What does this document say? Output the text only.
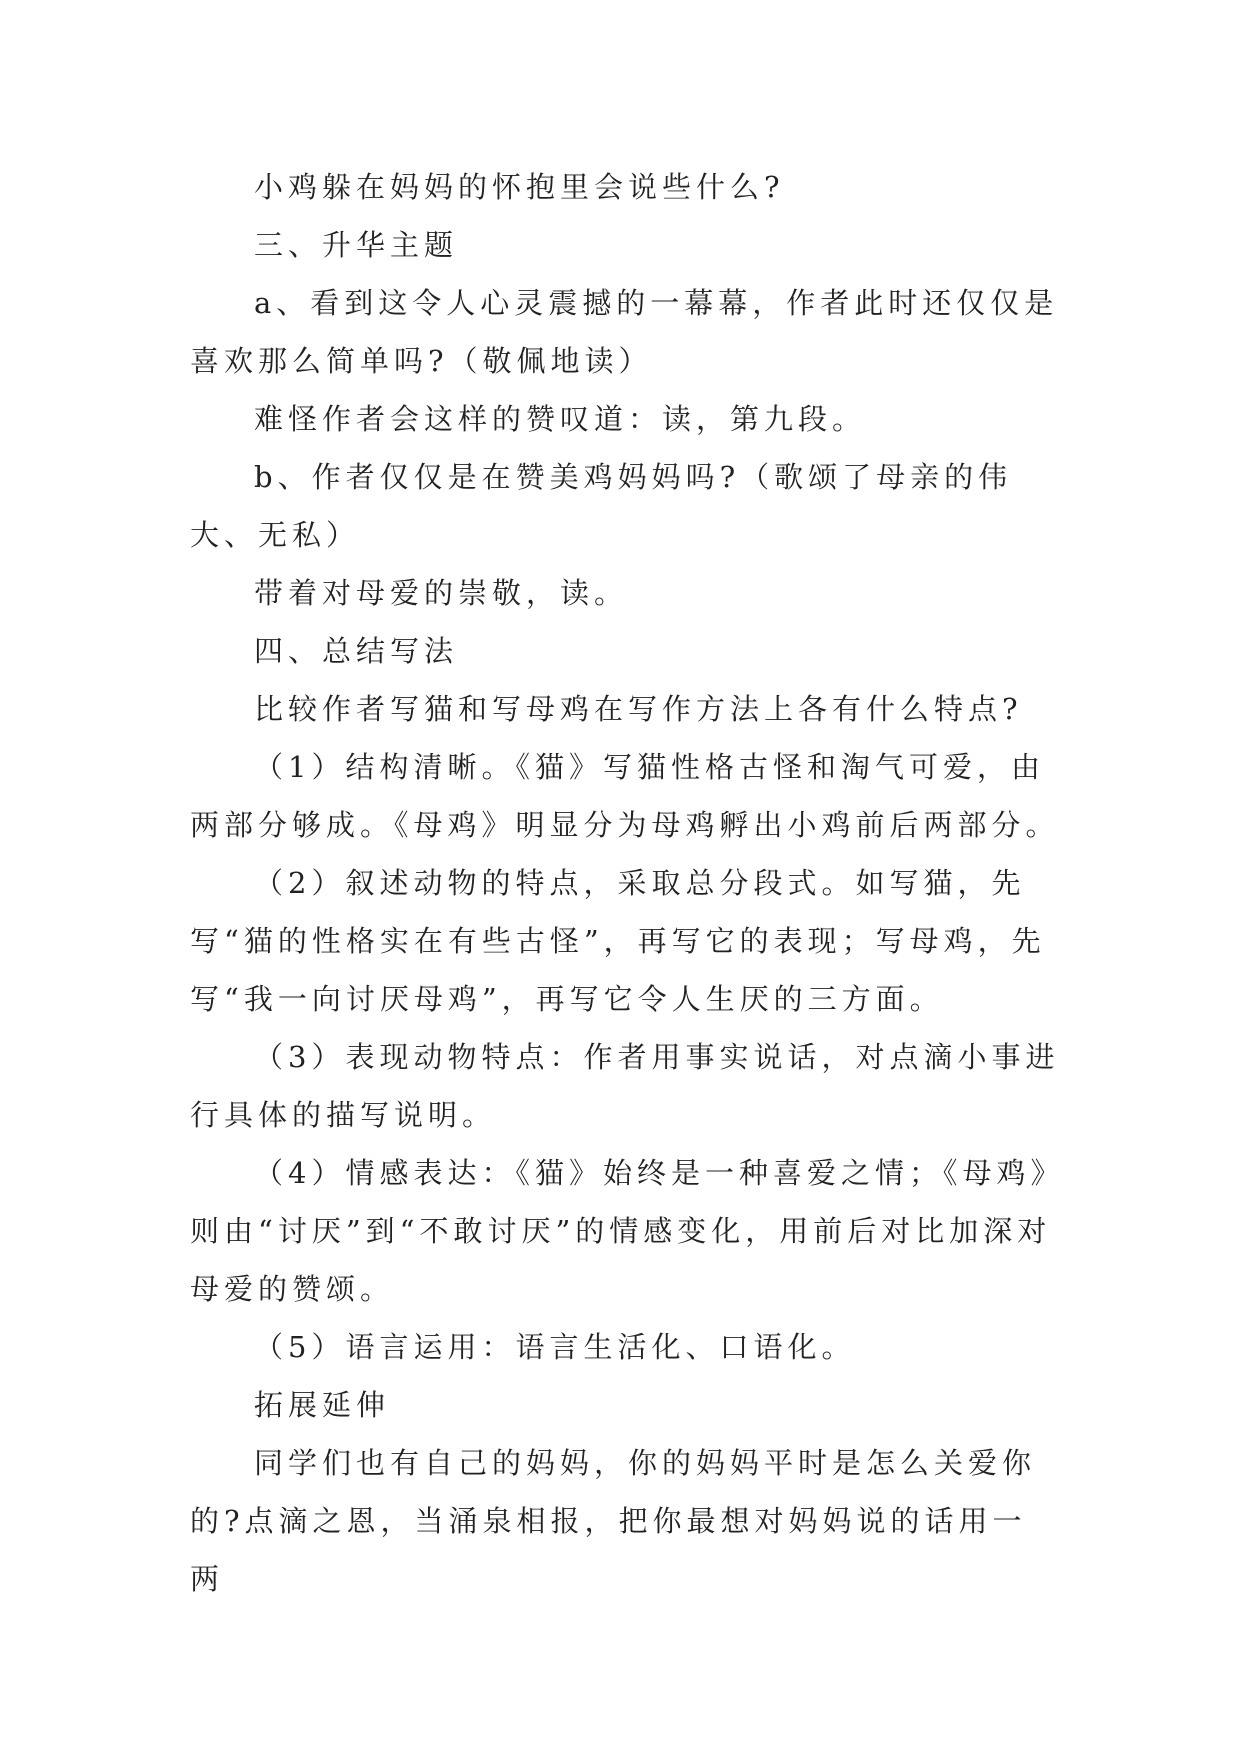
小鸡躲在妈妈的怀抱里会说些什么?

三、升华主题

a、看到这令人心灵震撼的一幕幕，作者此时还仅仅是喜欢那么简单吗?（敬佩地读）

难怪作者会这样的赞叹道：读，第九段。

b、作者仅仅是在赞美鸡妈妈吗?（歌颂了母亲的伟大、无私）

带着对母爱的崇敬，读。

四、总结写法

比较作者写猫和写母鸡在写作方法上各有什么特点?

（1）结构清晰。《猫》写猫性格古怪和淘气可爱，由两部分够成。《母鸡》明显分为母鸡孵出小鸡前后两部分。

（2）叙述动物的特点，采取总分段式。如写猫，先写“猫的性格实在有些古怪”，再写它的表现；写母鸡，先写“我一向讨厌母鸡”，再写它令人生厌的三方面。

（3）表现动物特点：作者用事实说话，对点滴小事进行具体的描写说明。

（4）情感表达：《猫》始终是一种喜爱之情；《母鸡》则由“讨厌”到“不敢讨厌”的情感变化，用前后对比加深对母爱的赞颂。

（5）语言运用：语言生活化、口语化。

拓展延伸

同学们也有自己的妈妈，你的妈妈平时是怎么关爱你的?点滴之恩，当涌泉相报，把你最想对妈妈说的话用一两
